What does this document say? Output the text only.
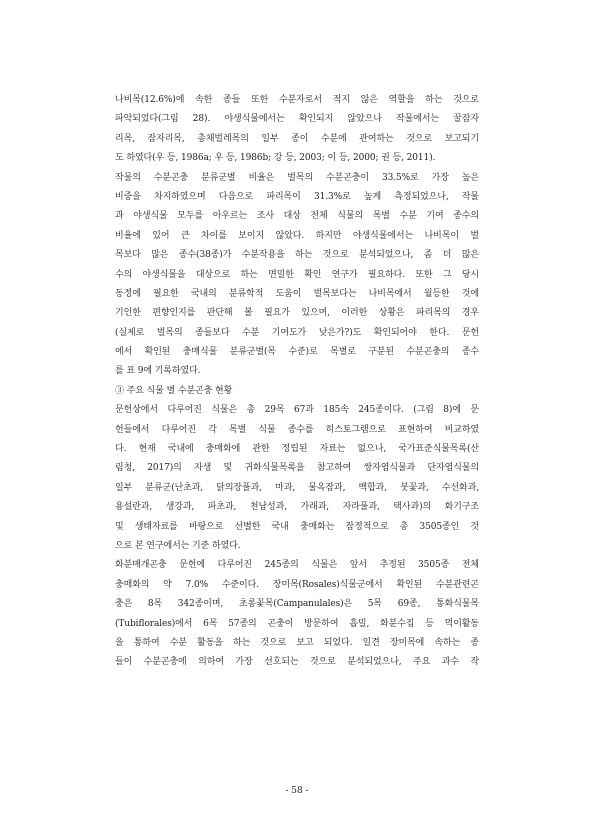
나비목(12.6%)에 속한 종들 또한 수분자로서 적지 않은 역할을 하는 것으로
파악되었다(그림 28). 야생식물에서는 확인되지 않았으나 작물에서는 꿀잠자
리목, 잠자리목, 총채벌레목의 일부 종이 수분에 관여하는 것으로 보고되기
도 하였다(우 등, 1986a; 우 등, 1986b; 강 등, 2003; 이 등, 2000; 권 등, 2011).
작물의 수분곤충 분류군별 비율은 벌목의 수분곤충이 33.5%로 가장 높은
비중을 차지하였으며 다음으로 파리목이 31.3%로 높게 측정되었으나, 작물
과 야생식물 모두를 아우르는 조사 대상 전체 식물의 목별 수분 기여 종수의
비율에 있어 큰 차이를 보이지 않았다. 하지만 야생식물에서는 나비목이 벌
목보다 많은 종수(38종)가 수분작용을 하는 것으로 분석되었으나, 좀 더 많은
수의 야생식물을 대상으로 하는 면밀한 확인 연구가 필요하다. 또한 그 당시
동정에 필요한 국내의 분류학적 도움이 벌목보다는 나비목에서 월등한 것에
기인한 편향인지를 판단해 볼 필요가 있으며, 이러한 상황은 파리목의 경우
(실제로 벌목의 종들보다 수분 기여도가 낮은가?)도 확인되어야 한다. 문헌
에서 확인된 충매식물 분류군별(목 수준)로 목별로 구분된 수분곤충의 종수
를 표 9에 기록하였다.
③ 주요 식물 별 수분곤충 현황
문헌상에서 다루어진 식물은 총 29목 67과 185속 245종이다. (그림 8)에 문
헌들에서 다루어진 각 목별 식물 종수를 히스토그램으로 표현하여 비교하였
다. 현재 국내에 충매화에 관한 정립된 자료는 없으나, 국가표준식물목록(산
림청, 2017)의 자생 및 귀화식물목록을 참고하여 쌍자엽식물과 단자엽식물의
일부 분류군(난초과, 닭의장풀과, 마과, 물옥잠과, 백합과, 붓꽃과, 수선화과,
용설란과, 생강과, 파초과, 천남성과, 가래과, 자라풀과, 택사과)의 화기구조
및 생태자료를 바탕으로 선별한 국내 충매화는 잠정적으로 총 3505종인 것
으로 본 연구에서는 기준 하였다.
화분매개곤충 문헌에 다루어진 245종의 식물은 앞서 추정된 3505종 전체
충매화의 약 7.0% 수준이다. 장미목(Rosales)식물군에서 확인된 수분관련곤
충은 8목 342종이며, 초롱꽃목(Campanulales)은 5목 69종, 통화식물목
(Tubiflorales)에서 6목 57종의 곤충이 방문하여 흡밀, 화분수집 등 먹이활동
을 통하여 수분 활동을 하는 것으로 보고 되었다. 일견 장미목에 속하는 종
들이 수분곤충에 의하여 가장 선호되는 것으로 분석되었으나, 주요 과수 작
- 58 -
